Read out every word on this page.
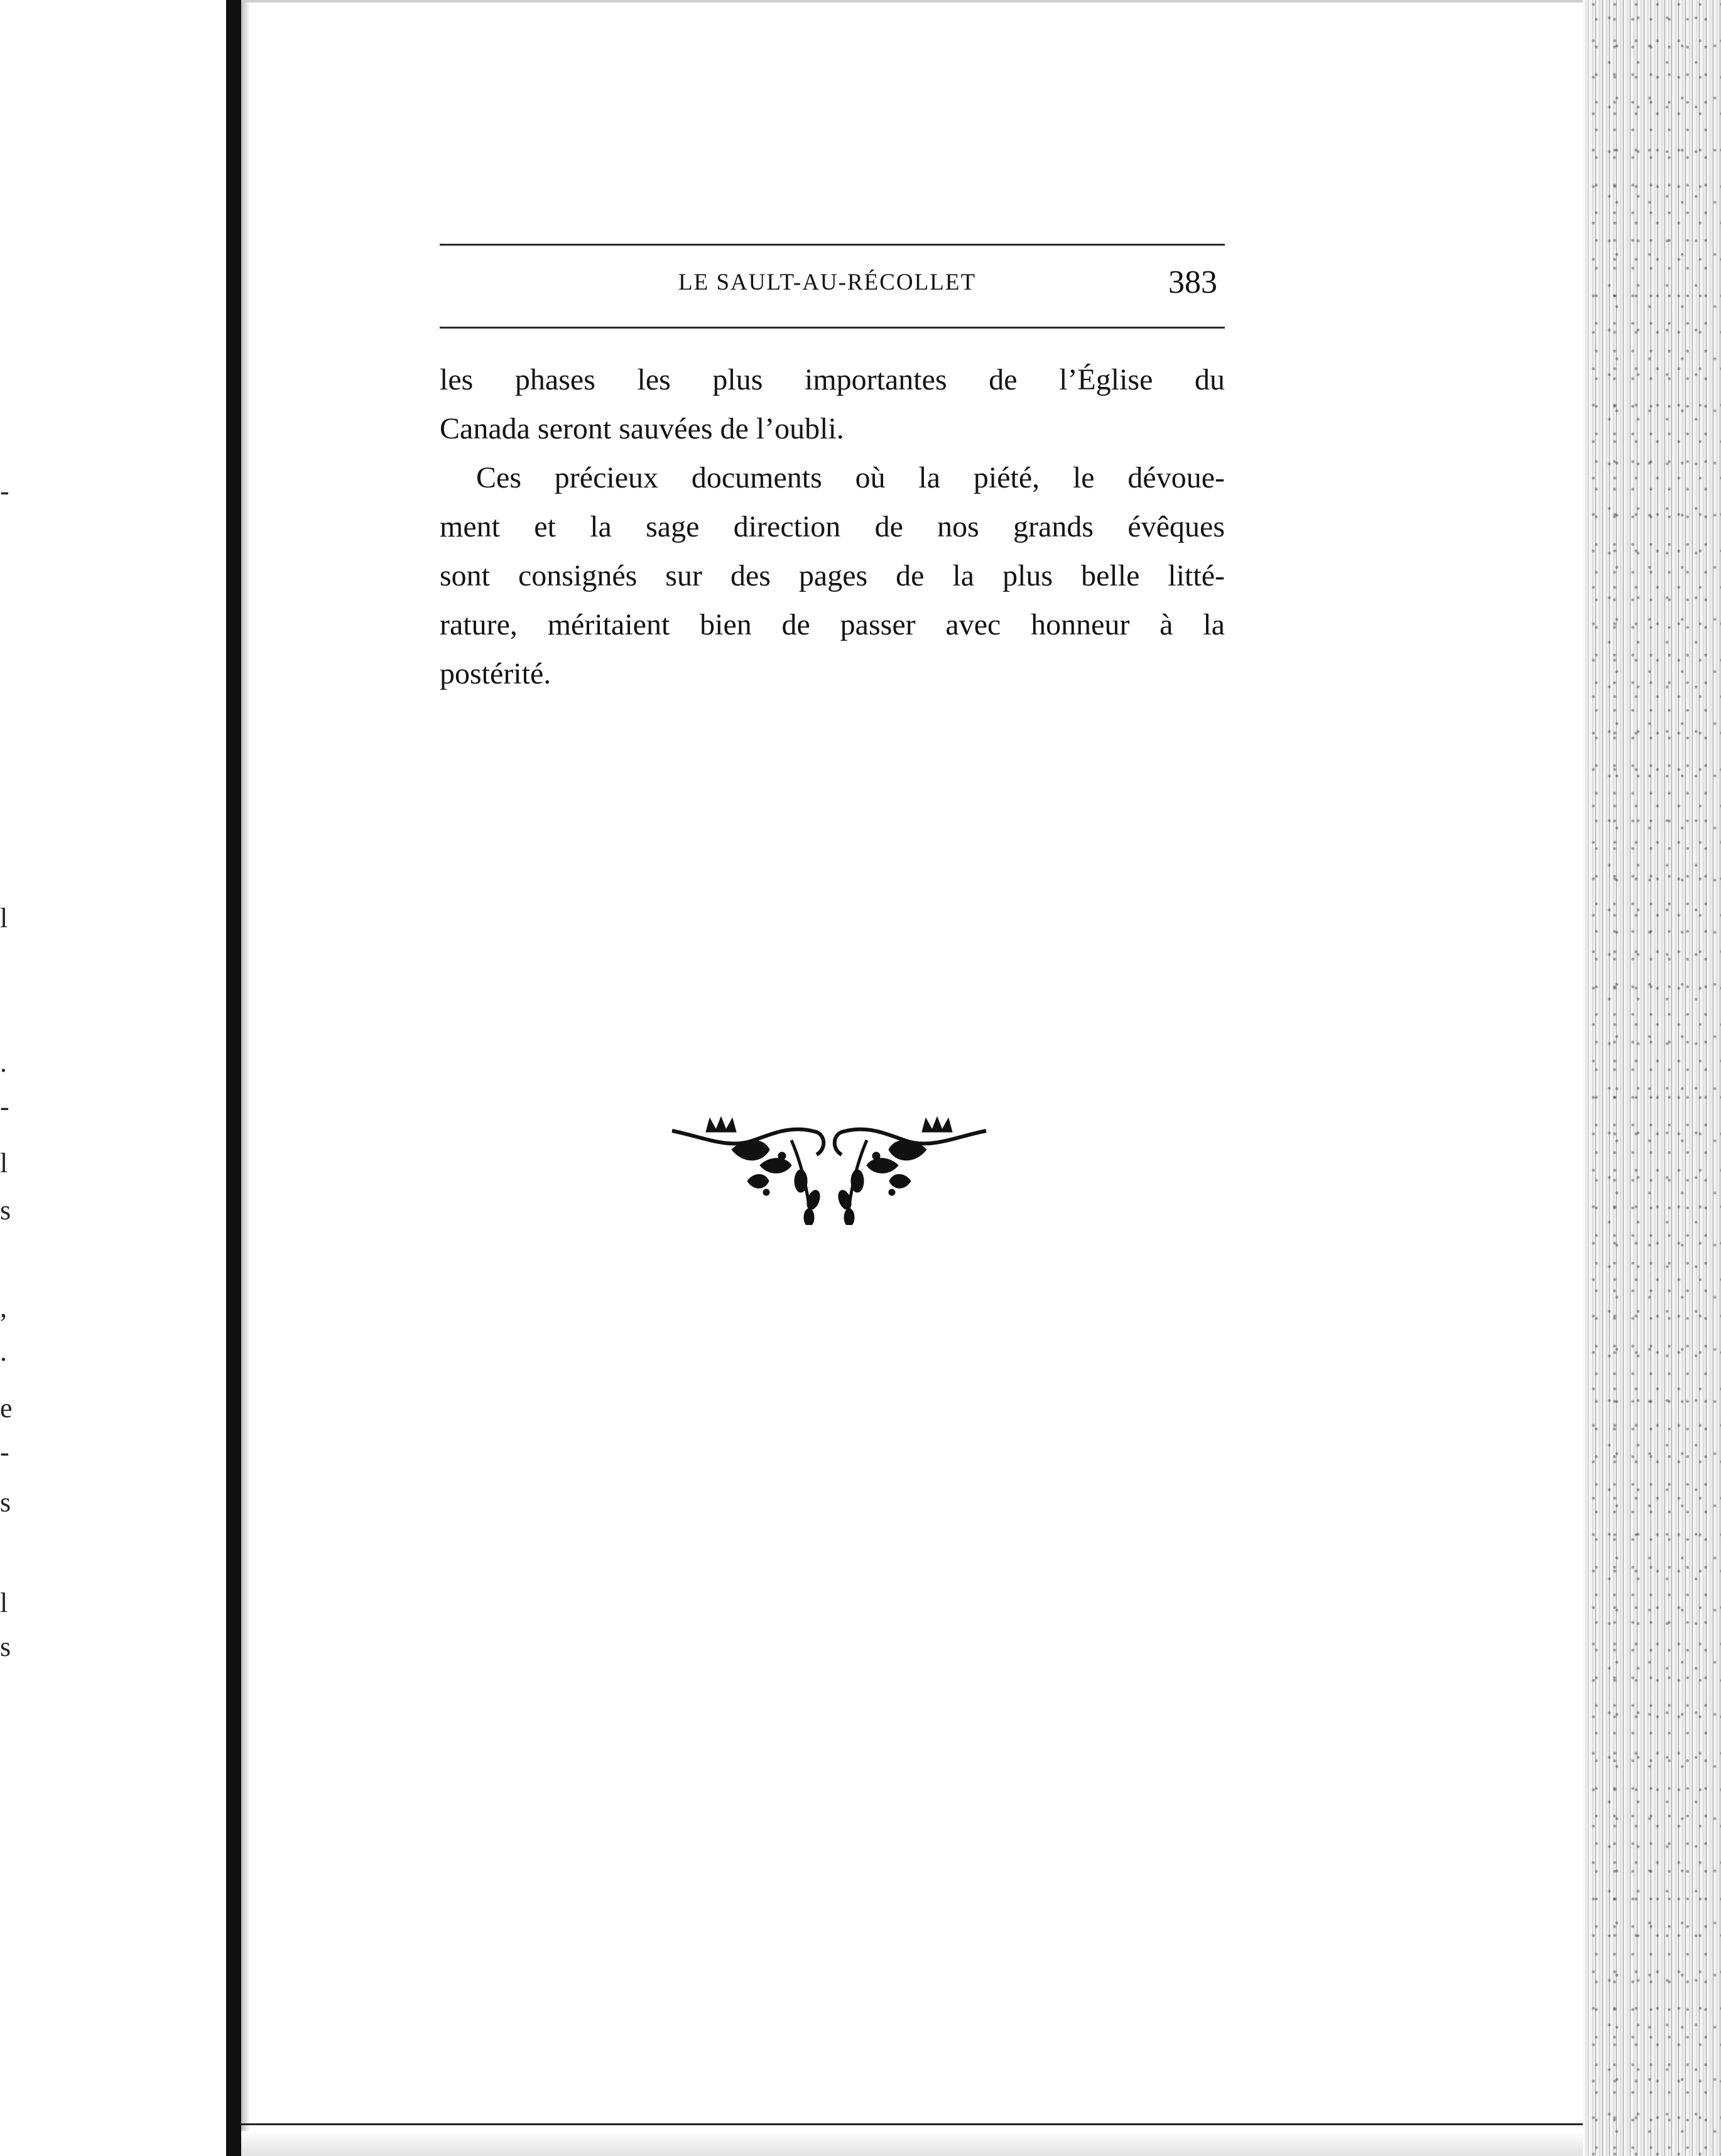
-
l
.
-
l
s
,
.
e
-
s
l
s
LE SAULT-AU-RÉCOLLET	383
les phases les plus importantes de l’Église du
Canada seront sauvées de l’oubli.
Ces précieux documents où la piété, le dévoue-
ment et la sage direction de nos grands évêques
sont consignés sur des pages de la plus belle litté-
rature, méritaient bien de passer avec honneur à la
postérité.
